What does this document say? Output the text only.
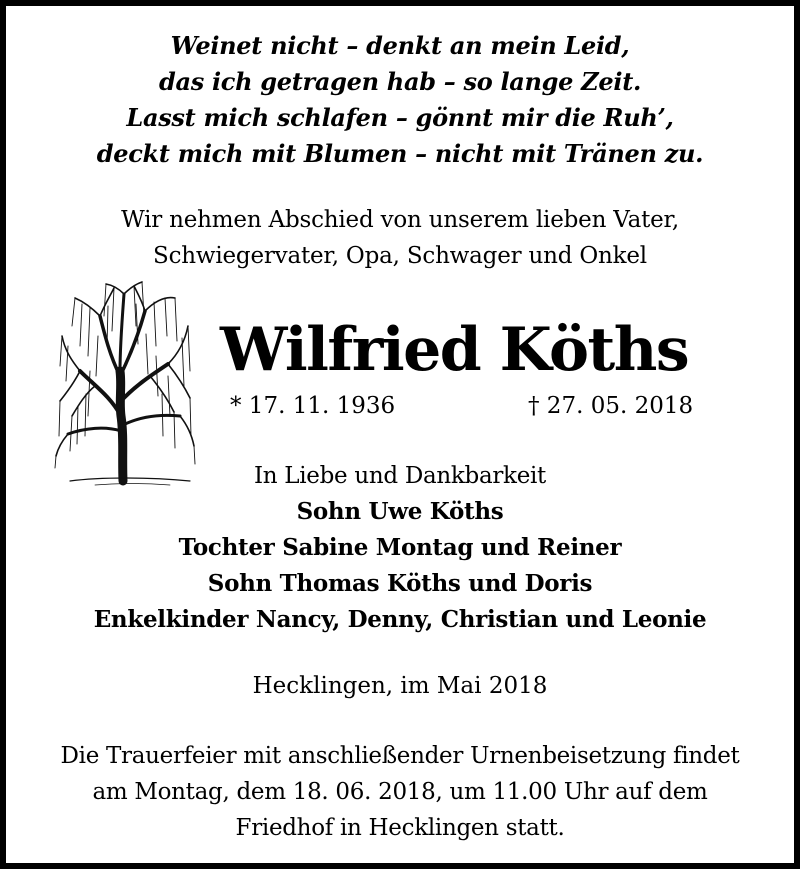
Weinet nicht – denkt an mein Leid,
das ich getragen hab – so lange Zeit.
Lasst mich schlafen – gönnt mir die Ruh’,
deckt mich mit Blumen – nicht mit Tränen zu.
Wir nehmen Abschied von unserem lieben Vater,
Schwiegervater, Opa, Schwager und Onkel
Wilfried Köths
* 17. 11. 1936	† 27. 05. 2018
In Liebe und Dankbarkeit
Sohn Uwe Köths
Tochter Sabine Montag und Reiner
Sohn Thomas Köths und Doris
Enkelkinder Nancy, Denny, Christian und Leonie
Hecklingen, im Mai 2018
Die Trauerfeier mit anschließender Urnenbeisetzung findet
am Montag, dem 18. 06. 2018, um 11.00 Uhr auf dem
Friedhof in Hecklingen statt.
